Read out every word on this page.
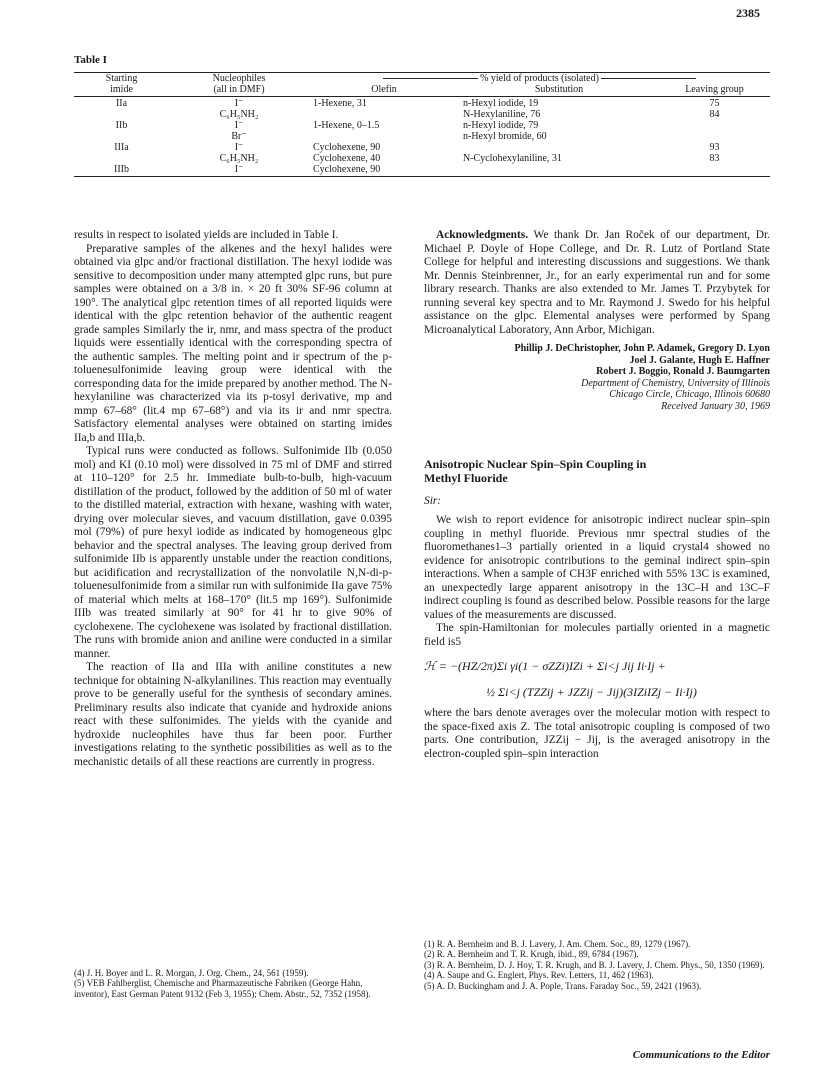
2385
Table I
Starting	Nucleophiles	% yield of products (isolated)		
imide	(all in DMF)	Olefin	Substitution	Leaving group

IIa	I⁻	1-Hexene, 31	n-Hexyl iodide, 19	75
	C₆H₅NH₂		N-Hexylaniline, 76	84
IIb	I⁻	1-Hexene, 0–1.5	n-Hexyl iodide, 79	
	Br⁻		n-Hexyl bromide, 60	
IIIa	I⁻	Cyclohexene, 90		93
	C₆H₅NH₂	Cyclohexene, 40	N-Cyclohexylaniline, 31	83
IIIb	I⁻	Cyclohexene, 90		

results in respect to isolated yields are included in Table I.

Preparative samples of the alkenes and the hexyl halides were obtained via glpc and/or fractional distillation. The hexyl iodide was sensitive to decomposition under many attempted glpc runs, but pure samples were obtained on a 3/8 in. × 20 ft 30% SF-96 column at 190°. The analytical glpc retention times of all reported liquids were identical with the glpc retention behavior of the authentic reagent grade samples Similarly the ir, nmr, and mass spectra of the product liquids were essentially identical with the corresponding spectra of the authentic samples. The melting point and ir spectrum of the p-toluenesulfonimide leaving group were identical with the corresponding data for the imide prepared by another method. The N-hexylaniline was characterized via its p-tosyl derivative, mp and mmp 67–68° (lit.4 mp 67–68°) and via its ir and nmr spectra. Satisfactory elemental analyses were obtained on starting imides IIa,b and IIIa,b.

Typical runs were conducted as follows. Sulfonimide IIb (0.050 mol) and KI (0.10 mol) were dissolved in 75 ml of DMF and stirred at 110–120° for 2.5 hr. Immediate bulb-to-bulb, high-vacuum distillation of the product, followed by the addition of 50 ml of water to the distilled material, extraction with hexane, washing with water, drying over molecular sieves, and vacuum distillation, gave 0.0395 mol (79%) of pure hexyl iodide as indicated by homogeneous glpc behavior and the spectral analyses. The leaving group derived from sulfonimide IIb is apparently unstable under the reaction conditions, but acidification and recrystallization of the nonvolatile N,N-di-p-toluenesulfonimide from a similar run with sulfonimide IIa gave 75% of material which melts at 168–170° (lit.5 mp 169°). Sulfonimide IIIb was treated similarly at 90° for 41 hr to give 90% of cyclohexene. The cyclohexene was isolated by fractional distillation. The runs with bromide anion and aniline were conducted in a similar manner.

The reaction of IIa and IIIa with aniline constitutes a new technique for obtaining N-alkylanilines. This reaction may eventually prove to be generally useful for the synthesis of secondary amines. Preliminary results also indicate that cyanide and hydroxide anions react with these sulfonimides. The yields with the cyanide and hydroxide nucleophiles have thus far been poor. Further investigations relating to the synthetic possibilities as well as to the mechanistic details of all these reactions are currently in progress.

(4) J. H. Boyer and L. R. Morgan, J. Org. Chem., 24, 561 (1959).

(5) VEB Fahlberglist, Chemische and Pharmazeutische Fabriken (George Hahn, inventor), East German Patent 9132 (Feb 3, 1955); Chem. Abstr., 52, 7352 (1958).

Acknowledgments. We thank Dr. Jan Roček of our department, Dr. Michael P. Doyle of Hope College, and Dr. R. Lutz of Portland State College for helpful and interesting discussions and suggestions. We thank Mr. Dennis Steinbrenner, Jr., for an early experimental run and for some library research. Thanks are also extended to Mr. James T. Przybytek for running several key spectra and to Mr. Raymond J. Swedo for his helpful assistance on the glpc. Elemental analyses were performed by Spang Microanalytical Laboratory, Ann Arbor, Michigan.

Phillip J. DeChristopher, John P. Adamek, Gregory D. Lyon
Joel J. Galante, Hugh E. Haffner
Robert J. Boggio, Ronald J. Baumgarten
Department of Chemistry, University of Illinois
Chicago Circle, Chicago, Illinois 60680
Received January 30, 1969
Anisotropic Nuclear Spin–Spin Coupling in
Methyl Fluoride
Sir:

We wish to report evidence for anisotropic indirect nuclear spin–spin coupling in methyl fluoride. Previous nmr spectral studies of the fluoromethanes1–3 partially oriented in a liquid crystal4 showed no evidence for anisotropic contributions to the geminal indirect spin–spin interactions. When a sample of CH3F enriched with 55% 13C is examined, an unexpectedly large apparent anisotropy in the 13C–H and 13C–F indirect coupling is found as described below. Possible reasons for the large values of the measurements are discussed.

The spin-Hamiltonian for molecules partially oriented in a magnetic field is5

ℋ = −(HZ/2π)Σi γi(1 − σZZi)IZi + Σi<j Jij Ii·Ij +
½ Σi<j (TZZij + JZZij − Jij)(3IZiIZj − Ii·Ij)

where the bars denote averages over the molecular motion with respect to the space-fixed axis Z. The total anisotropic coupling is composed of two parts. One contribution, JZZij − Jij, is the averaged anisotropy in the electron-coupled spin–spin interaction

(1) R. A. Bernheim and B. J. Lavery, J. Am. Chem. Soc., 89, 1279 (1967).

(2) R. A. Bernheim and T. R. Krugh, ibid., 89, 6784 (1967).

(3) R. A. Bernheim, D. J. Hoy, T. R. Krugh, and B. J. Lavery, J. Chem. Phys., 50, 1350 (1969).

(4) A. Saupe and G. Englert, Phys. Rev. Letters, 11, 462 (1963).

(5) A. D. Buckingham and J. A. Pople, Trans. Faraday Soc., 59, 2421 (1963).

Communications to the Editor
